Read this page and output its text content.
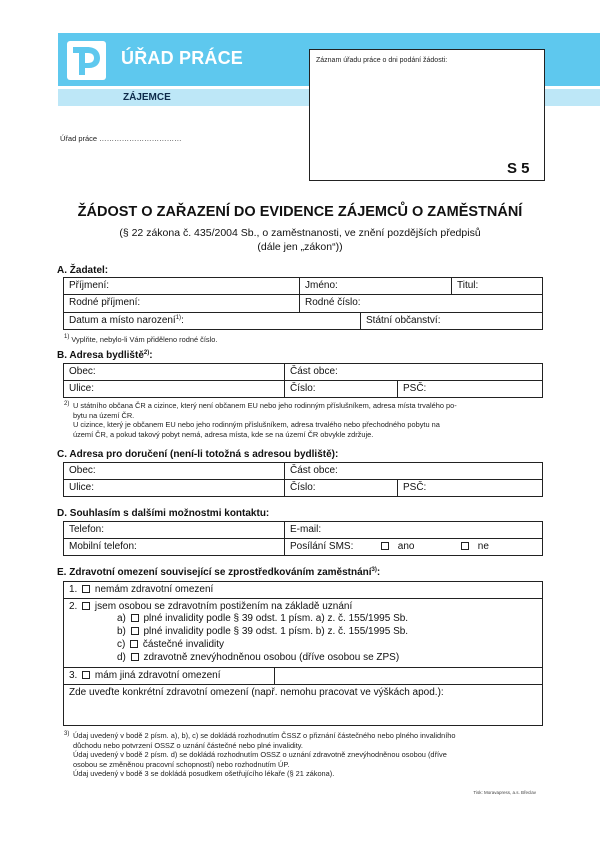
ÚŘAD PRÁCE
ZÁJEMCE
Záznam úřadu práce o dni podání žádosti:
S 5
Úřad práce ……………………………
ŽÁDOST O ZAŘAZENÍ DO EVIDENCE ZÁJEMCŮ O ZAMĚSTNÁNÍ
(§ 22 zákona č. 435/2004 Sb., o zaměstnanosti, ve znění pozdějších předpisů
(dále jen „zákon“))
A. Žadatel:
Příjmení:	Jméno:	Titul:
Rodné příjmení:	Rodné číslo:
Datum a místo narození$^{1)}$:	Státní občanství:
$^{1)}$ Vyplňte, nebylo-li Vám přiděleno rodné číslo.
B. Adresa bydliště$^{2)}$:
Obec:	Část obce:
Ulice:	Číslo:	PSČ:
2) U státního občana ČR a cizince, který není občanem EU nebo jeho rodinným příslušníkem, adresa místa trvalého po-
bytu na území ČR.
U cizince, který je občanem EU nebo jeho rodinným příslušníkem, adresa trvalého nebo přechodného pobytu na
území ČR, a pokud takový pobyt nemá, adresa místa, kde se na území ČR obvykle zdržuje.
C. Adresa pro doručení (není-li totožná s adresou bydliště):
Obec:	Část obce:
Ulice:	Číslo:	PSČ:
D. Souhlasím s dalšími možnostmi kontaktu:
Telefon:	E-mail:
Mobilní telefon:	Posílání SMS:	ano	ne
E. Zdravotní omezení související se zprostředkováním zaměstnání$^{3)}$:
1. nemám zdravotní omezení
2. jsem osobou se zdravotním postižením na základě uznání
a) plné invalidity podle § 39 odst. 1 písm. a) z. č. 155/1995 Sb.
b) plné invalidity podle § 39 odst. 1 písm. b) z. č. 155/1995 Sb.
c) částečné invalidity
d) zdravotně znevýhodněnou osobou (dříve osobou se ZPS)
3. mám jiná zdravotní omezení
Zde uveďte konkrétní zdravotní omezení (např. nemohu pracovat ve výškách apod.):
3) Údaj uvedený v bodě 2 písm. a), b), c) se dokládá rozhodnutím ČSSZ o přiznání částečného nebo plného invalidního
důchodu nebo potvrzení OSSZ o uznání částečné nebo plné invalidity.
Údaj uvedený v bodě 2 písm. d) se dokládá rozhodnutím OSSZ o uznání zdravotně znevýhodněnou osobou (dříve
osobou se změněnou pracovní schopností) nebo rozhodnutím ÚP.
Údaj uvedený v bodě 3 se dokládá posudkem ošetřujícího lékaře (§ 21 zákona).
Tisk: Moravapress, a.s. Břeclav
